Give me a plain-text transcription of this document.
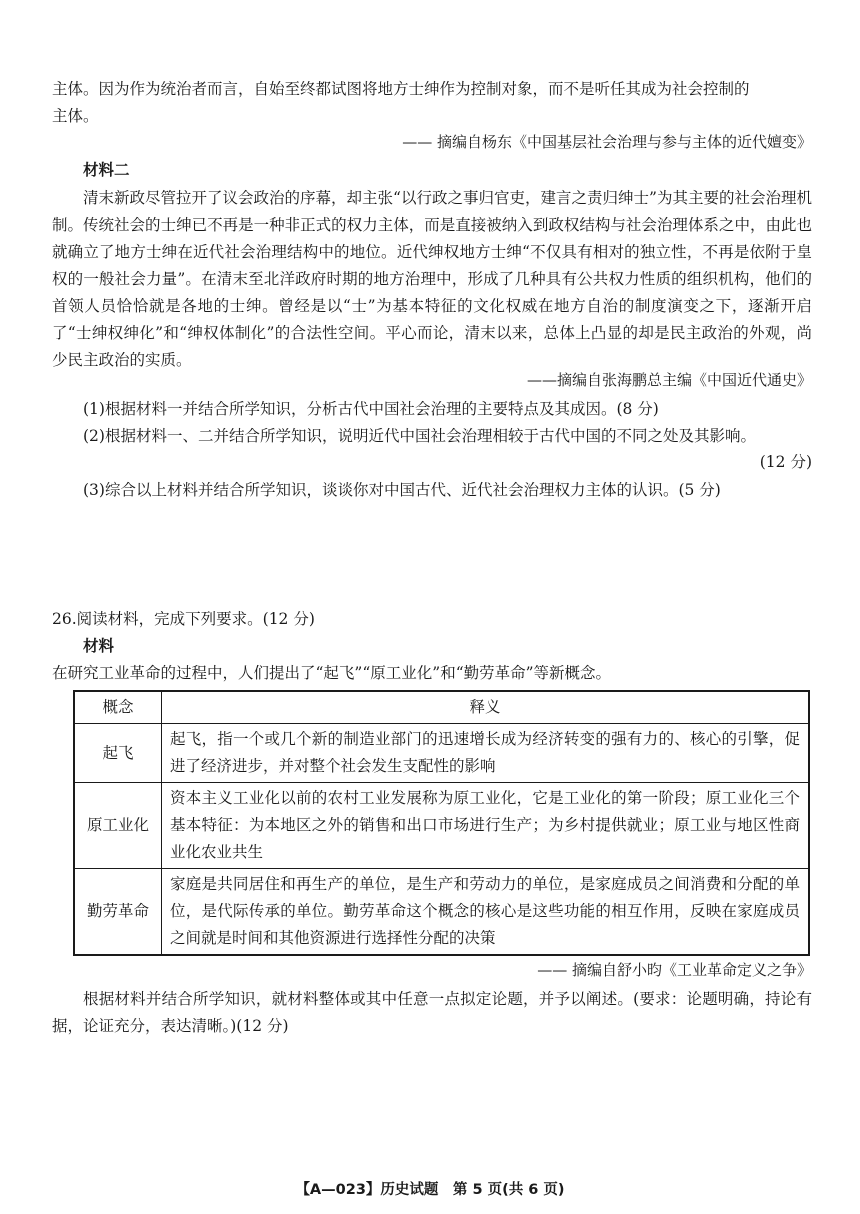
主体。因为作为统治者而言，自始至终都试图将地方士绅作为控制对象，而不是听任其成为社会控制的
主体。
—— 摘编自杨东《中国基层社会治理与参与主体的近代嬗变》
材料二
清末新政尽管拉开了议会政治的序幕，却主张“以行政之事归官吏，建言之责归绅士”为其主要的社会治理机制。传统社会的士绅已不再是一种非正式的权力主体，而是直接被纳入到政权结构与社会治理体系之中，由此也就确立了地方士绅在近代社会治理结构中的地位。近代绅权地方士绅“不仅具有相对的独立性，不再是依附于皇权的一般社会力量”。在清末至北洋政府时期的地方治理中，形成了几种具有公共权力性质的组织机构，他们的首领人员恰恰就是各地的士绅。曾经是以“士”为基本特征的文化权威在地方自治的制度演变之下，逐渐开启了“士绅权绅化”和“绅权体制化”的合法性空间。平心而论，清末以来，总体上凸显的却是民主政治的外观，尚少民主政治的实质。
——摘编自张海鹏总主编《中国近代通史》
(1)根据材料一并结合所学知识，分析古代中国社会治理的主要特点及其成因。(8 分)
(2)根据材料一、二并结合所学知识，说明近代中国社会治理相较于古代中国的不同之处及其影响。
(12 分)
(3)综合以上材料并结合所学知识，谈谈你对中国古代、近代社会治理权力主体的认识。(5 分)
26.阅读材料，完成下列要求。(12 分)
材料
在研究工业革命的过程中，人们提出了“起飞”“原工业化”和“勤劳革命”等新概念。
概念	释义
起飞	起飞，指一个或几个新的制造业部门的迅速增长成为经济转变的强有力的、核心的引擎，促进了经济进步，并对整个社会发生支配性的影响
原工业化	资本主义工业化以前的农村工业发展称为原工业化，它是工业化的第一阶段；原工业化三个基本特征：为本地区之外的销售和出口市场进行生产；为乡村提供就业；原工业与地区性商业化农业共生
勤劳革命	家庭是共同居住和再生产的单位，是生产和劳动力的单位，是家庭成员之间消费和分配的单位，是代际传承的单位。勤劳革命这个概念的核心是这些功能的相互作用，反映在家庭成员之间就是时间和其他资源进行选择性分配的决策
—— 摘编自舒小昀《工业革命定义之争》
根据材料并结合所学知识，就材料整体或其中任意一点拟定论题，并予以阐述。(要求：论题明确，持论有据，论证充分，表达清晰。)(12 分)
【A—023】历史试题　第 5 页(共 6 页)
